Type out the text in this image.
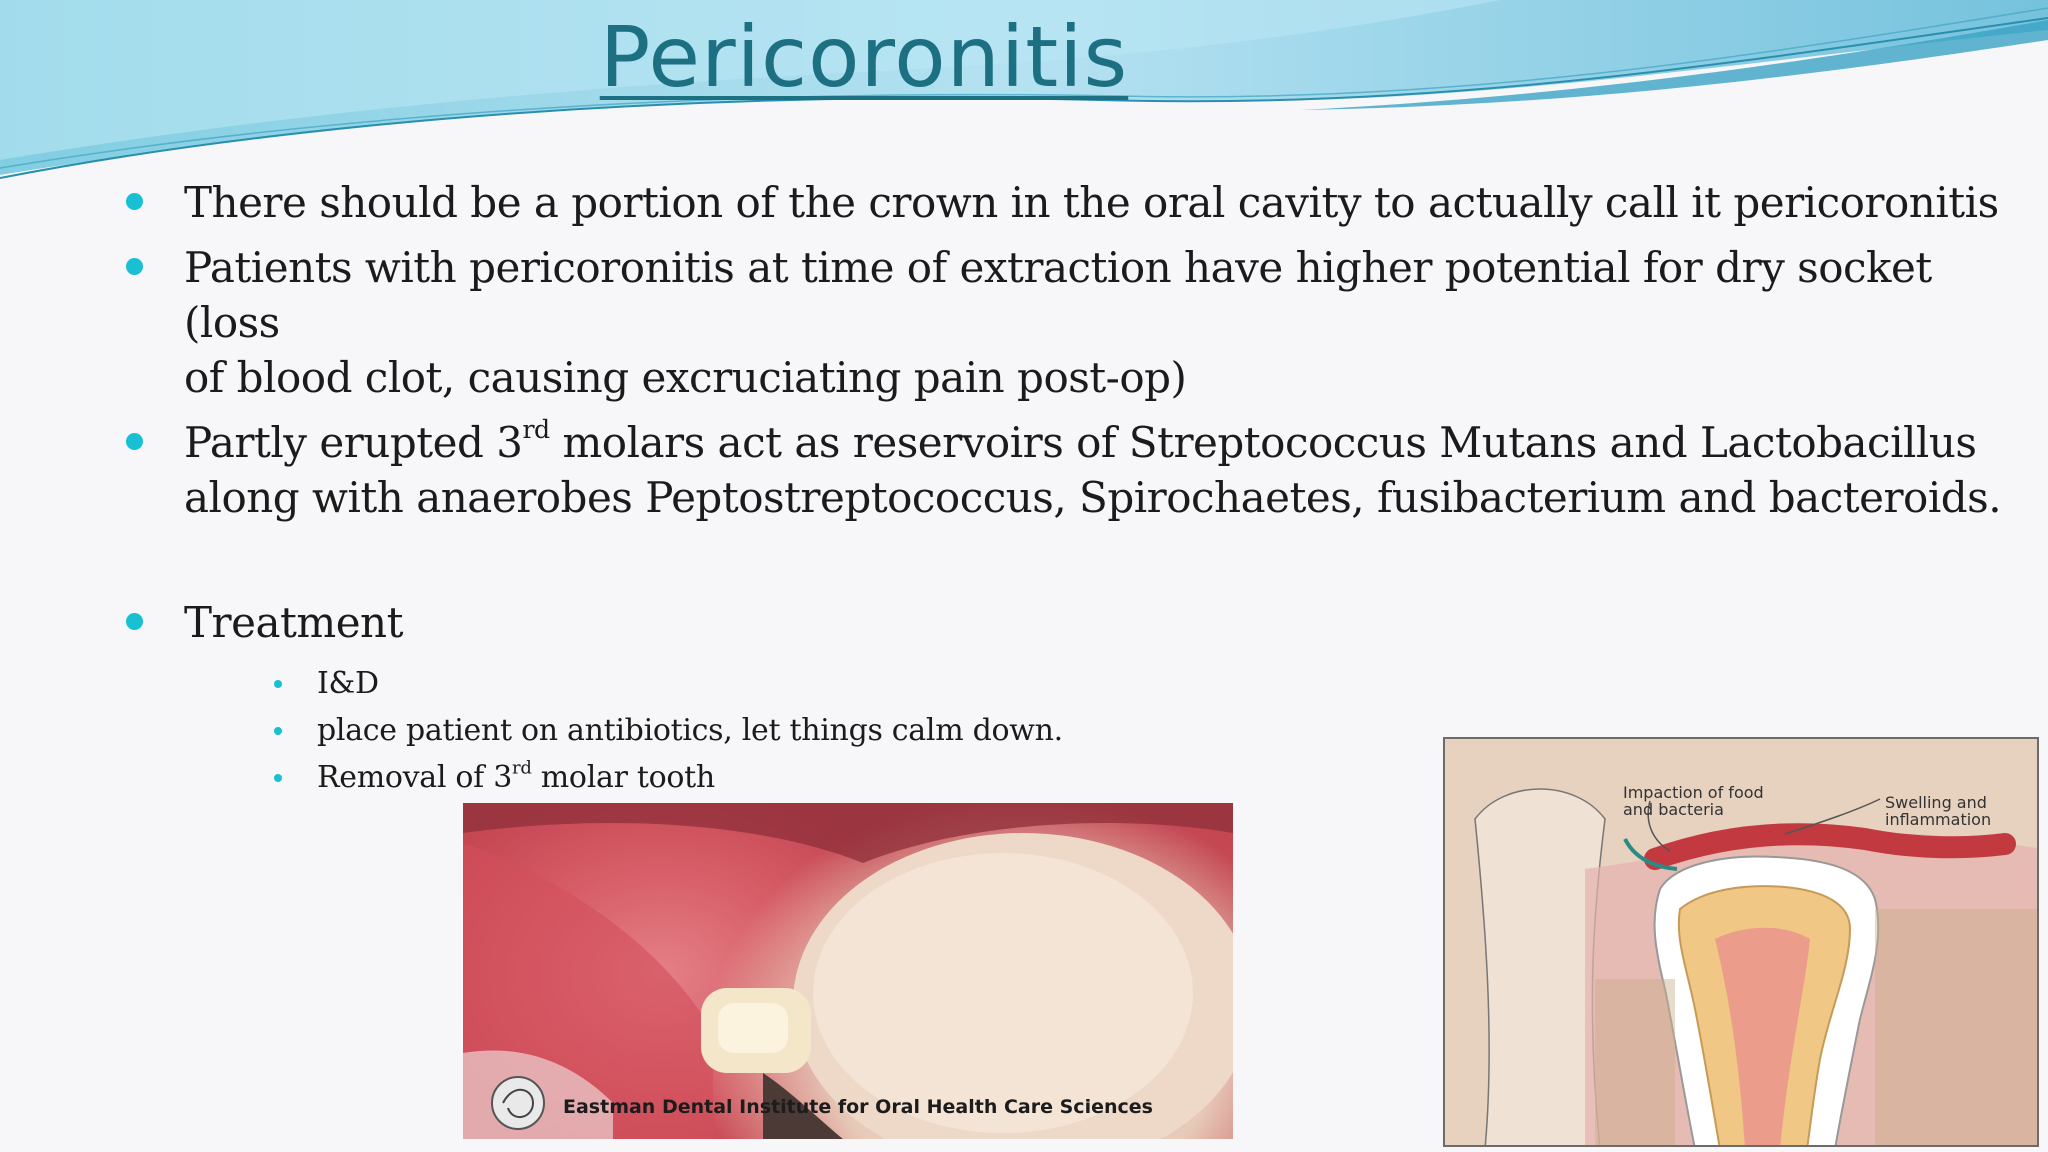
Pericoronitis
There should be a portion of the crown in the oral cavity to actually call it pericoronitis
Patients with pericoronitis at time of extraction have higher potential for dry socket (loss
of blood clot, causing excruciating pain post-op)
Partly erupted 3rd molars act as reservoirs of Streptococcus Mutans and Lactobacillus
along with anaerobes Peptostreptococcus, Spirochaetes, fusibacterium and bacteroids.
Treatment
I&D
place patient on antibiotics, let things calm down.
Removal of 3rd molar tooth
Eastman Dental Institute for Oral Health Care Sciences
Impaction of food
and bacteria	Swelling and
inflammation
